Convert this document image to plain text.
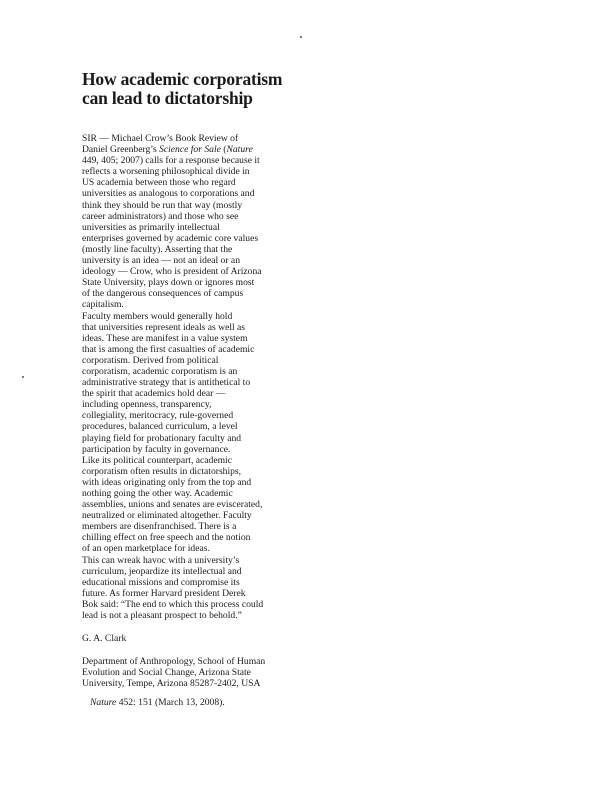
How academic corporatism
can lead to dictatorship
SIR — Michael Crow’s Book Review of
Daniel Greenberg’s Science for Sale (Nature
449, 405; 2007) calls for a response because it
reflects a worsening philosophical divide in
US academia between those who regard
universities as analogous to corporations and
think they should be run that way (mostly
career administrators) and those who see
universities as primarily intellectual
enterprises governed by academic core values
(mostly line faculty). Asserting that the
university is an idea — not an ideal or an
ideology — Crow, who is president of Arizona
State University, plays down or ignores most
of the dangerous consequences of campus
capitalism.
Faculty members would generally hold
that universities represent ideals as well as
ideas. These are manifest in a value system
that is among the first casualties of academic
corporatism. Derived from political
corporatism, academic corporatism is an
administrative strategy that is antithetical to
the spirit that academics hold dear —
including openness, transparency,
collegiality, meritocracy, rule-governed
procedures, balanced curriculum, a level
playing field for probationary faculty and
participation by faculty in governance.
Like its political counterpart, academic
corporatism often results in dictatorships,
with ideas originating only from the top and
nothing going the other way. Academic
assemblies, unions and senates are eviscerated,
neutralized or eliminated altogether. Faculty
members are disenfranchised. There is a
chilling effect on free speech and the notion
of an open marketplace for ideas.
This can wreak havoc with a university’s
curriculum, jeopardize its intellectual and
educational missions and compromise its
future. As former Harvard president Derek
Bok said: “The end to which this process could
lead is not a pleasant prospect to behold.”
G. A. Clark
Department of Anthropology, School of Human
Evolution and Social Change, Arizona State
University, Tempe, Arizona 85287-2402, USA
Nature 452: 151 (March 13, 2008).
